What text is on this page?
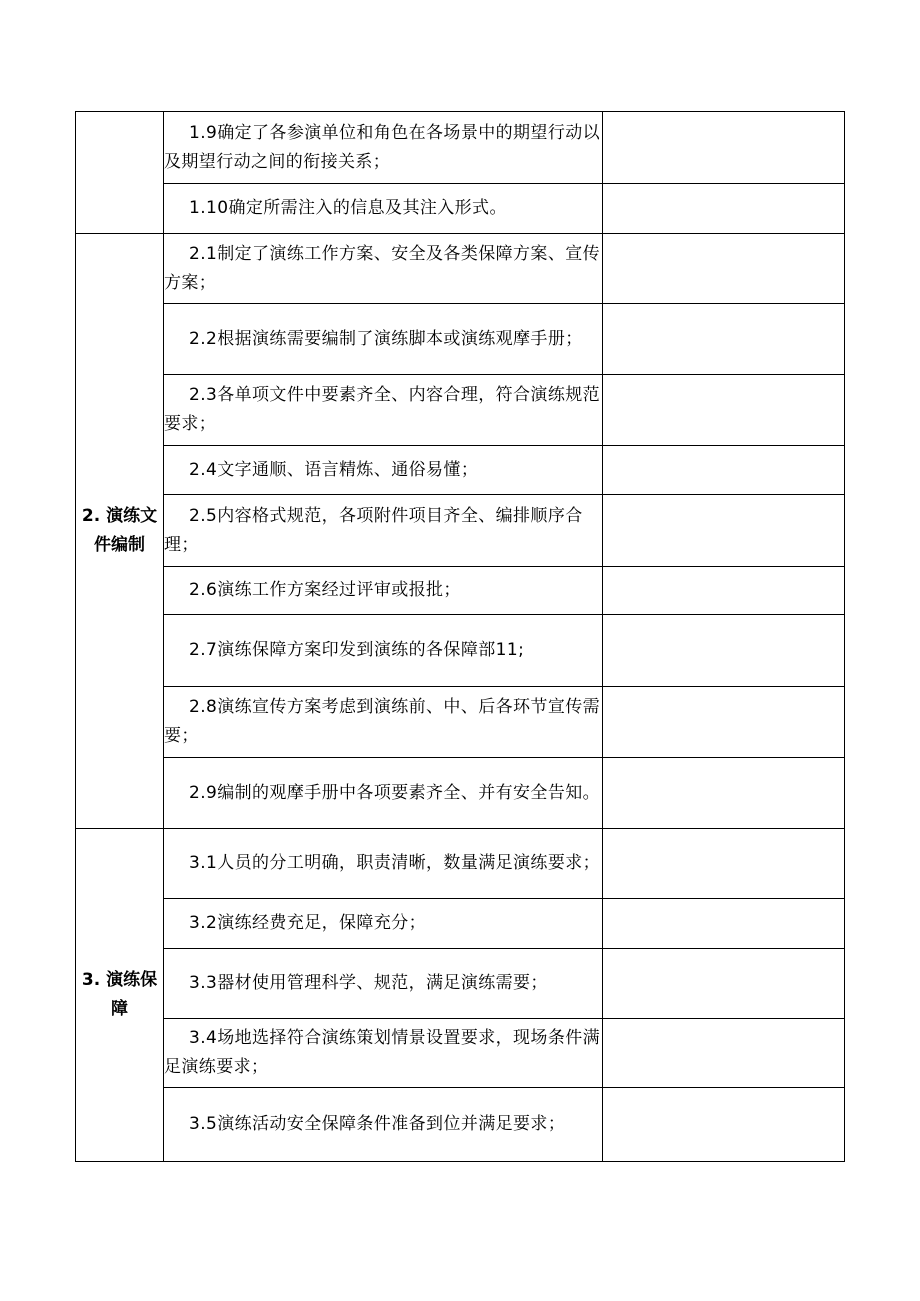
	1.9确定了各参演单位和角色在各场景中的期望行动以及期望行动之间的衔接关系；	
	1.10确定所需注入的信息及其注入形式。	
2. 演练文件编制	2.1制定了演练工作方案、安全及各类保障方案、宣传方案；	
	2.2根据演练需要编制了演练脚本或演练观摩手册；	
	2.3各单项文件中要素齐全、内容合理，符合演练规范要求；	
	2.4文字通顺、语言精炼、通俗易懂；	
	2.5内容格式规范，各项附件项目齐全、编排顺序合理；	
	2.6演练工作方案经过评审或报批；	
	2.7演练保障方案印发到演练的各保障部11;	
	2.8演练宣传方案考虑到演练前、中、后各环节宣传需要；	
	2.9编制的观摩手册中各项要素齐全、并有安全告知。	
3. 演练保障	3.1人员的分工明确，职责清晰，数量满足演练要求；	
	3.2演练经费充足，保障充分；	
	3.3器材使用管理科学、规范，满足演练需要；	
	3.4场地选择符合演练策划情景设置要求，现场条件满足演练要求；	
	3.5演练活动安全保障条件准备到位并满足要求；	
